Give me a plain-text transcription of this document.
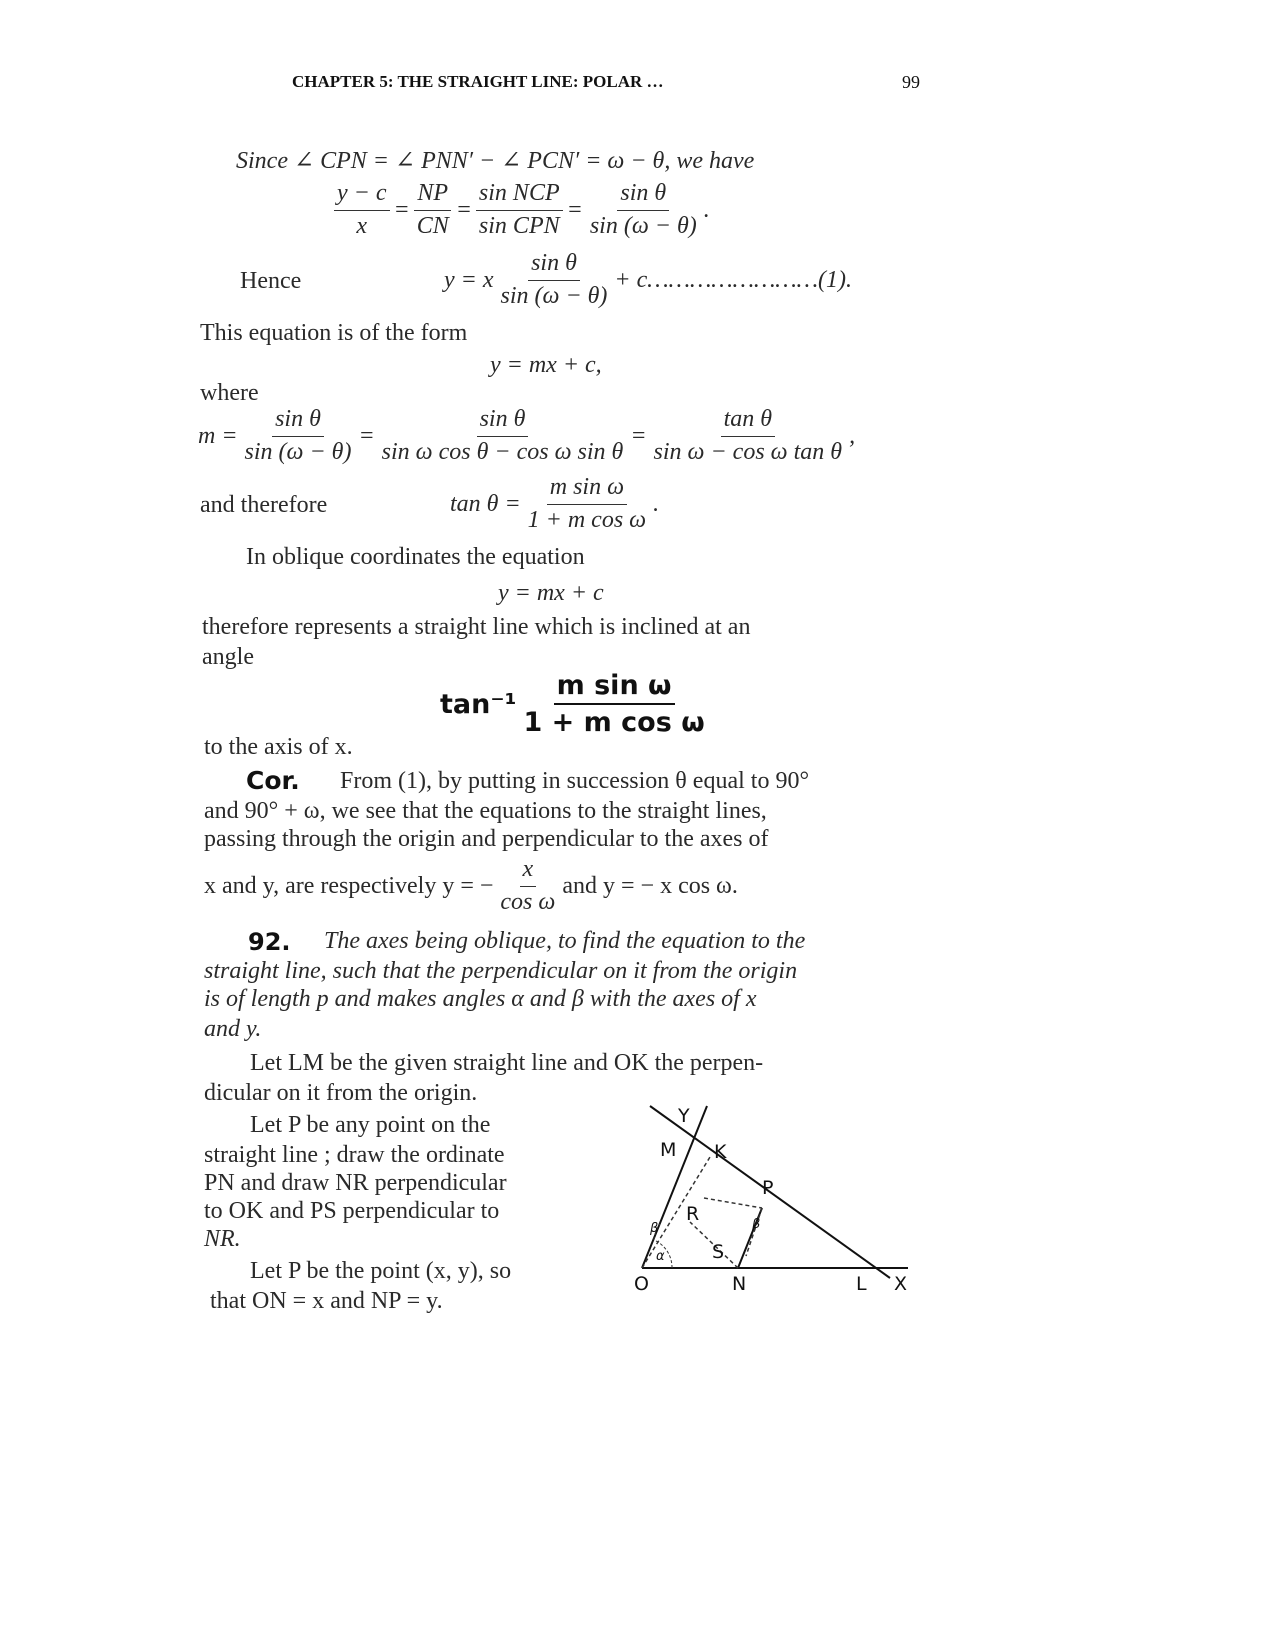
CHAPTER 5: THE STRAIGHT LINE: POLAR …	99
Since ∠ CPN = ∠ PNN′ − ∠ PCN′ = ω − θ, we have
$\frac{y - c}{x} = \frac{NP}{CN} = \frac{\text{sin NCP}}{\text{sin CPN}} = \frac{\text{sin θ}}{\sin (\omega - \theta)}$ .
Hence	y = x $\frac{\text{sin θ}}{\sin (\omega - \theta)}$ + c……………………(1).
This equation is of the form
y = mx + c,
where
$m = \frac{\text{sin θ}}{\sin (\omega - \theta)} = \frac{\text{sin θ}}{\text{sin ω cos θ − cos ω sin θ}} = \frac{\text{tan θ}}{\text{sin ω − cos ω tan θ}}$ ,
and therefore	$\tan \theta = \frac{\text{m sin ω}}{\text{1 + m cos ω}}$ .
In oblique coordinates the equation
y = mx + c
therefore represents a straight line which is inclined at an
angle
$\tan^{-1} \frac{\text{m sin ω}}{\text{1 + m cos ω}}$
to the axis of x.
Cor. From (1), by putting in succession θ equal to 90°
and 90° + ω, we see that the equations to the straight lines,
passing through the origin and perpendicular to the axes of
x and y, are respectively y = − $\frac{x}{\text{cos ω}}$ and y = − x cos ω.
92. The axes being oblique, to find the equation to the
straight line, such that the perpendicular on it from the origin
is of length p and makes angles α and β with the axes of x
and y.
Let LM be the given straight line and OK the perpen-
dicular on it from the origin.
Let P be any point on the
straight line ; draw the ordinate
PN and draw NR perpendicular
to OK and PS perpendicular to
NR.
Let P be the point (x, y), so
that ON = x and NP = y.
Y
M K
P
R
S
O	N	L X
β
α
β
